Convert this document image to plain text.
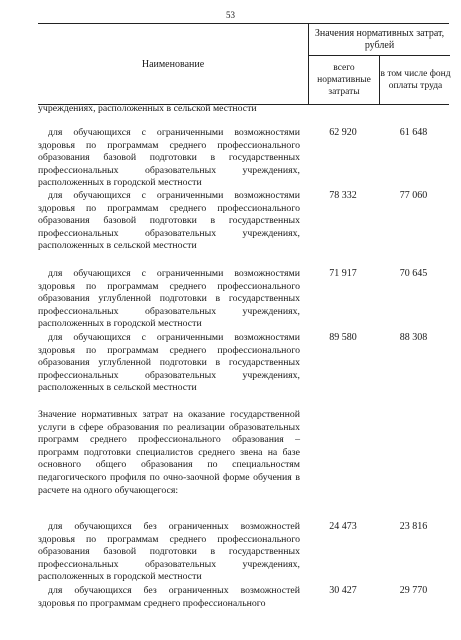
53
Наименование
Значения нормативных затрат, рублей
всего нормативные затраты
в том числе фонд оплаты труда
учреждениях, расположенных в сельской местности
для обучающихся с ограниченными возможностями здоровья по программам среднего профессионального образования базовой подготовки в государственных профессиональных образовательных учреждениях, расположенных в городской местности
62 920	61 648
для обучающихся с ограниченными возможностями здоровья по программам среднего профессионального образования базовой подготовки в государственных профессиональных образовательных учреждениях, расположенных в сельской местности
78 332	77 060
для обучающихся с ограниченными возможностями здоровья по программам среднего профессионального образования углубленной подготовки в государственных профессиональных образовательных учреждениях, расположенных в городской местности
71 917	70 645
для обучающихся с ограниченными возможностями здоровья по программам среднего профессионального образования углубленной подготовки в государственных профессиональных образовательных учреждениях, расположенных в сельской местности
89 580	88 308
Значение нормативных затрат на оказание государственной услуги в сфере образования по реализации образовательных программ среднего профессионального образования – программ подготовки специалистов среднего звена на базе основного общего образования по специальностям педагогического профиля по очно-заочной форме обучения в расчете на одного обучающегося:
для обучающихся без ограниченных возможностей здоровья по программам среднего профессионального образования базовой подготовки в государственных профессиональных образовательных учреждениях, расположенных в городской местности
24 473	23 816
для обучающихся без ограниченных возможностей здоровья по программам среднего профессионального
30 427	29 770
